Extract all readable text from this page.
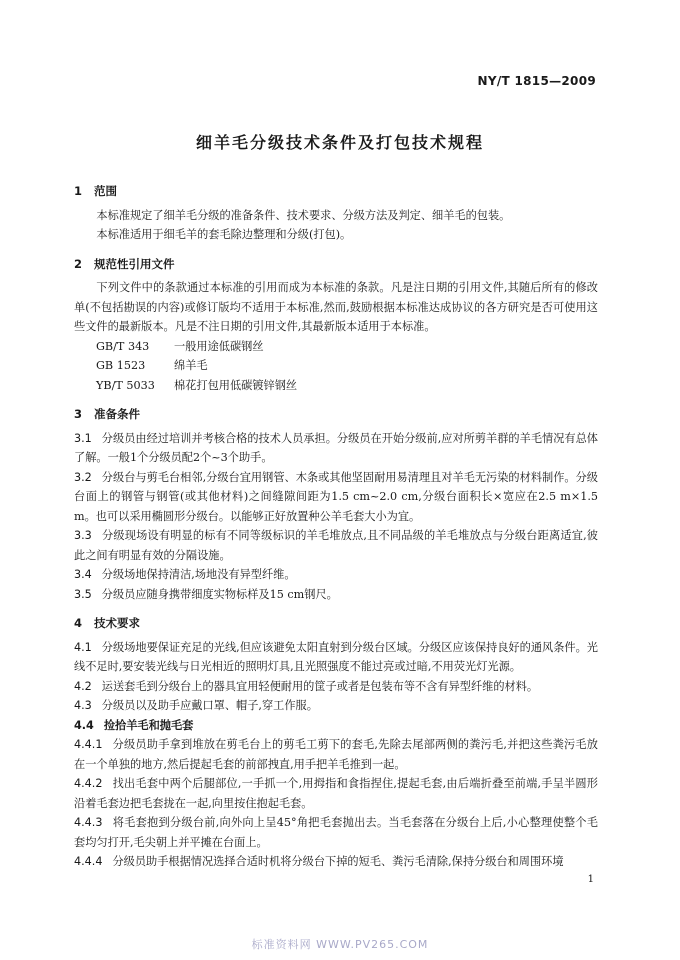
NY/T 1815—2009
细羊毛分级技术条件及打包技术规程
1 范围
本标准规定了细羊毛分级的准备条件、技术要求、分级方法及判定、细羊毛的包装。
本标准适用于细毛羊的套毛除边整理和分级(打包)。
2 规范性引用文件
下列文件中的条款通过本标准的引用而成为本标准的条款。凡是注日期的引用文件,其随后所有的修改单(不包括勘误的内容)或修订版均不适用于本标准,然而,鼓励根据本标准达成协议的各方研究是否可使用这些文件的最新版本。凡是不注日期的引用文件,其最新版本适用于本标准。
GB/T 343 一般用途低碳钢丝
GB 1523	绵羊毛
YB/T 5033 棉花打包用低碳镀锌钢丝
3 准备条件
3.1 分级员由经过培训并考核合格的技术人员承担。分级员在开始分级前,应对所剪羊群的羊毛情况有总体了解。一般1个分级员配2个~3个助手。
3.2 分级台与剪毛台相邻,分级台宜用钢管、木条或其他坚固耐用易清理且对羊毛无污染的材料制作。分级台面上的钢管与钢管(或其他材料)之间缝隙间距为1.5 cm~2.0 cm,分级台面积长×宽应在2.5 m×1.5 m。也可以采用椭圆形分级台。以能够正好放置种公羊毛套大小为宜。
3.3 分级现场设有明显的标有不同等级标识的羊毛堆放点,且不同品级的羊毛堆放点与分级台距离适宜,彼此之间有明显有效的分隔设施。
3.4 分级场地保持清洁,场地没有异型纤维。
3.5 分级员应随身携带细度实物标样及15 cm钢尺。
4 技术要求
4.1 分级场地要保证充足的光线,但应该避免太阳直射到分级台区域。分级区应该保持良好的通风条件。光线不足时,要安装光线与日光相近的照明灯具,且光照强度不能过亮或过暗,不用荧光灯光源。
4.2 运送套毛到分级台上的器具宜用轻便耐用的筐子或者是包装布等不含有异型纤维的材料。
4.3 分级员以及助手应戴口罩、帽子,穿工作服。
4.4 捡拾羊毛和抛毛套
4.4.1 分级员助手拿到堆放在剪毛台上的剪毛工剪下的套毛,先除去尾部两侧的粪污毛,并把这些粪污毛放在一个单独的地方,然后提起毛套的前部拽直,用手把羊毛推到一起。
4.4.2 找出毛套中两个后腿部位,一手抓一个,用拇指和食指捏住,提起毛套,由后端折叠至前端,手呈半圆形沿着毛套边把毛套拢在一起,向里按住抱起毛套。
4.4.3 将毛套抱到分级台前,向外向上呈45°角把毛套抛出去。当毛套落在分级台上后,小心整理使整个毛套均匀打开,毛尖朝上并平摊在台面上。
4.4.4 分级员助手根据情况选择合适时机将分级台下掉的短毛、粪污毛清除,保持分级台和周围环境
1
标准资料网 WWW.PV265.COM
